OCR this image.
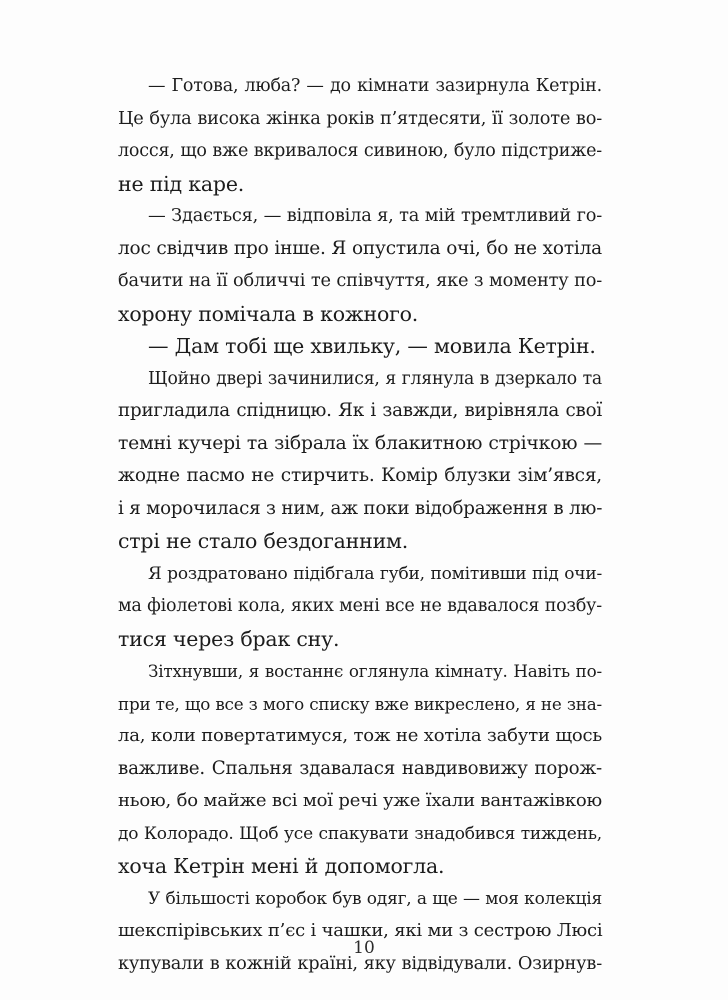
— Готова, люба? — до кімнати зазирнула Кетрін.
Це була висока жінка років п’ятдесяти, її золоте во-
лосся, що вже вкривалося сивиною, було підстриже-
не під каре.
— Здається, — відповіла я, та мій тремтливий го-
лос свідчив про інше. Я опустила очі, бо не хотіла
бачити на її обличчі те співчуття, яке з моменту по-
хорону помічала в кожного.
— Дам тобі ще хвильку, — мовила Кетрін.
Щойно двері зачинилися, я глянула в дзеркало та
пригладила спідницю. Як і завжди, вирівняла свої
темні кучері та зібрала їх блакитною стрічкою —
жодне пасмо не стирчить. Комір блузки зім’явся,
і я морочилася з ним, аж поки відображення в лю-
стрі не стало бездоганним.
Я роздратовано підібгала губи, помітивши під очи-
ма фіолетові кола, яких мені все не вдавалося позбу-
тися через брак сну.
Зітхнувши, я востаннє оглянула кімнату. Навіть по-
при те, що все з мого списку вже викреслено, я не зна-
ла, коли повертатимуся, тож не хотіла забути щось
важливе. Спальня здавалася навдивовижу порож-
ньою, бо майже всі мої речі уже їхали вантажівкою
до Колорадо. Щоб усе спакувати знадобився тиждень,
хоча Кетрін мені й допомогла.
У більшості коробок був одяг, а ще — моя колекція
шекспірівських п’єс і чашки, які ми з сестрою Люсі
купували в кожній країні, яку відвідували. Озирнув-
10
